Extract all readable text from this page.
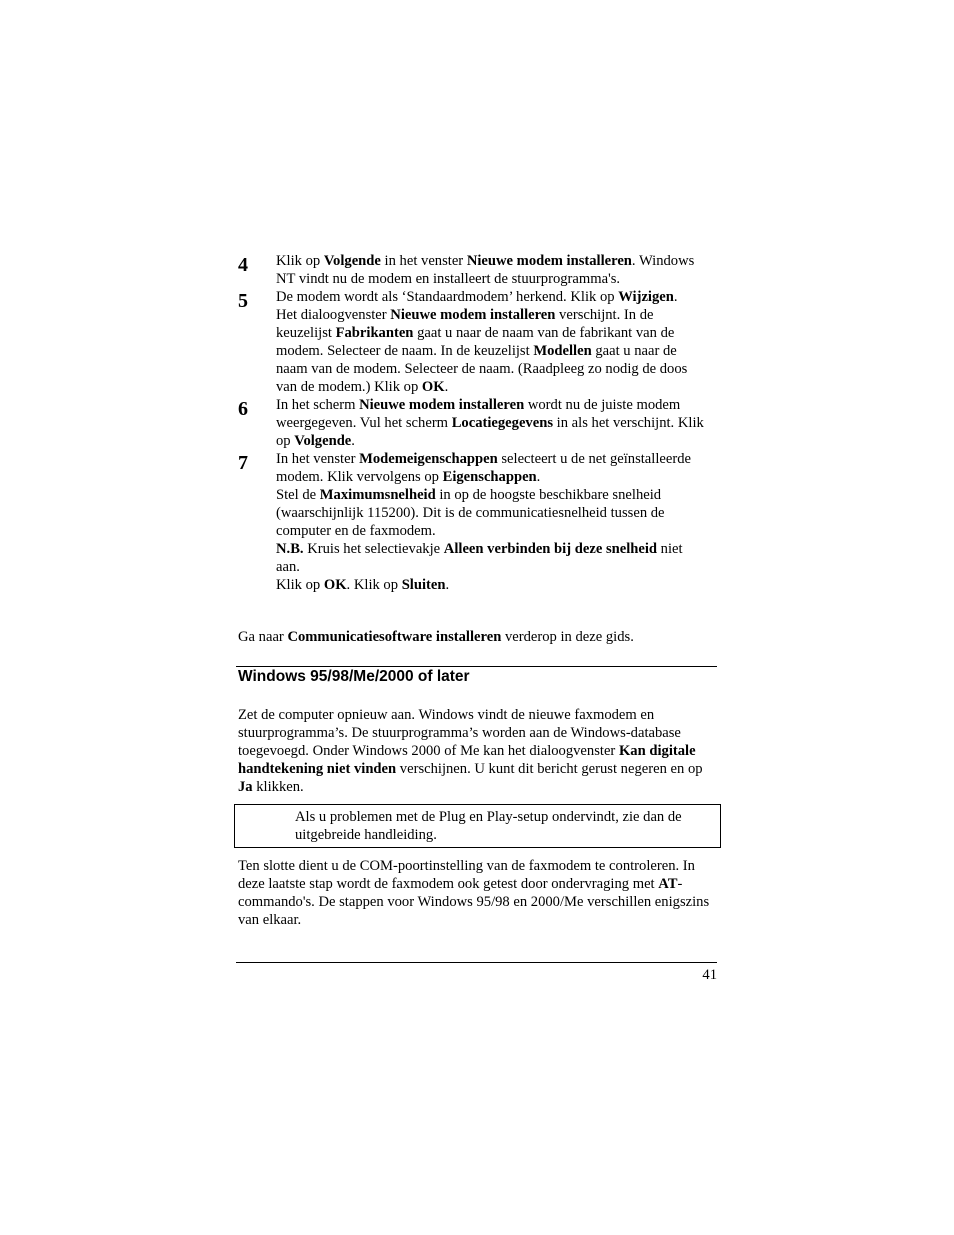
4 Klik op Volgende in het venster Nieuwe modem installeren. Windows NT vindt nu de modem en installeert de stuurprogramma's.

5 De modem wordt als ‘Standaardmodem’ herkend. Klik op Wijzigen.

Het dialoogvenster Nieuwe modem installeren verschijnt. In de keuzelijst Fabrikanten gaat u naar de naam van de fabrikant van de modem. Selecteer de naam. In de keuzelijst Modellen gaat u naar de naam van de modem. Selecteer de naam. (Raadpleeg zo nodig de doos van de modem.) Klik op OK.

6 In het scherm Nieuwe modem installeren wordt nu de juiste modem weergegeven. Vul het scherm Locatiegegevens in als het verschijnt. Klik op Volgende.

7 In het venster Modemeigenschappen selecteert u de net geïnstalleerde modem. Klik vervolgens op Eigenschappen.

Stel de Maximumsnelheid in op de hoogste beschikbare snelheid (waarschijnlijk 115200). Dit is de communicatiesnelheid tussen de computer en de faxmodem.

N.B. Kruis het selectievakje Alleen verbinden bij deze snelheid niet aan.

Klik op OK. Klik op Sluiten.

Ga naar Communicatiesoftware installeren verderop in deze gids.

Windows 95/98/Me/2000 of later

Zet de computer opnieuw aan. Windows vindt de nieuwe faxmodem en stuurprogramma’s. De stuurprogramma’s worden aan de Windows-database toegevoegd. Onder Windows 2000 of Me kan het dialoogvenster Kan digitale handtekening niet vinden verschijnen. U kunt dit bericht gerust negeren en op Ja klikken.

Als u problemen met de Plug en Play-setup ondervindt, zie dan de uitgebreide handleiding.

Ten slotte dient u de COM-poortinstelling van de faxmodem te controleren. In deze laatste stap wordt de faxmodem ook getest door ondervraging met AT-commando's. De stappen voor Windows 95/98 en 2000/Me verschillen enigszins van elkaar.

41
